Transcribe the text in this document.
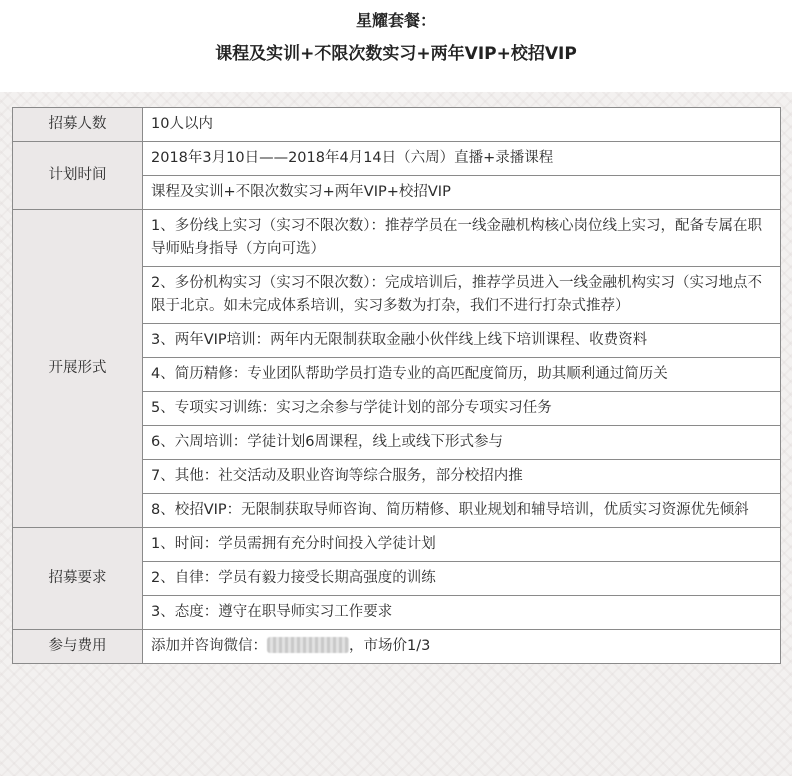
星耀套餐：
课程及实训+不限次数实习+两年VIP+校招VIP
招募人数	10人以内
计划时间	2018年3月10日——2018年4月14日（六周）直播+录播课程
	课程及实训+不限次数实习+两年VIP+校招VIP
开展形式	1、多份线上实习（实习不限次数）：推荐学员在一线金融机构核心岗位线上实习，配备专属在职导师贴身指导（方向可选）
	2、多份机构实习（实习不限次数）：完成培训后，推荐学员进入一线金融机构实习（实习地点不限于北京。如未完成体系培训，实习多数为打杂，我们不进行打杂式推荐）
	3、两年VIP培训：两年内无限制获取金融小伙伴线上线下培训课程、收费资料
	4、简历精修：专业团队帮助学员打造专业的高匹配度简历，助其顺利通过简历关
	5、专项实习训练：实习之余参与学徒计划的部分专项实习任务
	6、六周培训：学徒计划6周课程，线上或线下形式参与
	7、其他：社交活动及职业咨询等综合服务，部分校招内推
	8、校招VIP：无限制获取导师咨询、简历精修、职业规划和辅导培训，优质实习资源优先倾斜
招募要求	1、时间：学员需拥有充分时间投入学徒计划
	2、自律：学员有毅力接受长期高强度的训练
	3、态度：遵守在职导师实习工作要求
参与费用	添加并咨询微信： ，市场价1/3
